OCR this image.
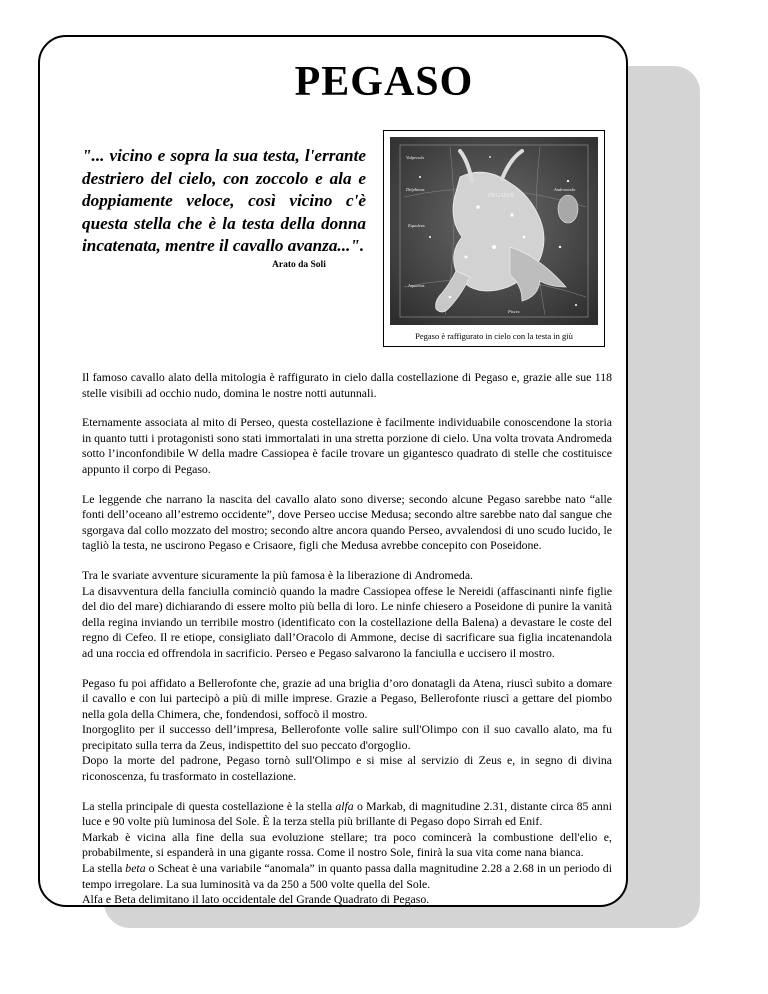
PEGASO

"... vicino e sopra la sua testa, l'errante destriero del cielo, con zoccolo e ala e doppiamente veloce, così vicino c'è questa stella che è la testa della donna incatenata, mentre il cavallo avanza...".

Arato da Soli
PEGASUS
Vulpecula
Delphinus	Andromeda
Equuleus
Aquarius
Pisces
Pegaso è raffigurato in cielo con la testa in giù

Il famoso cavallo alato della mitologia è raffigurato in cielo dalla costellazione di Pegaso e, grazie alle sue 118 stelle visibili ad occhio nudo, domina le nostre notti autunnali.

Eternamente associata al mito di Perseo, questa costellazione è facilmente individuabile conoscendone la storia in quanto tutti i protagonisti sono stati immortalati in una stretta porzione di cielo. Una volta trovata Andromeda sotto l’inconfondibile W della madre Cassiopea è facile trovare un gigantesco quadrato di stelle che costituisce appunto il corpo di Pegaso.

Le leggende che narrano la nascita del cavallo alato sono diverse; secondo alcune Pegaso sarebbe nato “alle fonti dell’oceano all’estremo occidente”, dove Perseo uccise Medusa; secondo altre sarebbe nato dal sangue che sgorgava dal collo mozzato del mostro; secondo altre ancora quando Perseo, avvalendosi di uno scudo lucido, le tagliò la testa, ne uscirono Pegaso e Crisaore, figli che Medusa avrebbe concepito con Poseidone.

Tra le svariate avventure sicuramente la più famosa è la liberazione di Andromeda.
La disavventura della fanciulla cominciò quando la madre Cassiopea offese le Nereidi (affascinanti ninfe figlie del dio del mare) dichiarando di essere molto più bella di loro. Le ninfe chiesero a Poseidone di punire la vanità della regina inviando un terribile mostro (identificato con la costellazione della Balena) a devastare le coste del regno di Cefeo. Il re etiope, consigliato dall’Oracolo di Ammone, decise di sacrificare sua figlia incatenandola ad una roccia ed offrendola in sacrificio. Perseo e Pegaso salvarono la fanciulla e uccisero il mostro.

Pegaso fu poi affidato a Bellerofonte che, grazie ad una briglia d’oro donatagli da Atena, riuscì subito a domare il cavallo e con lui partecipò a più di mille imprese. Grazie a Pegaso, Bellerofonte riuscì a gettare del piombo nella gola della Chimera, che, fondendosi, soffocò il mostro.
Inorgoglito per il successo dell’impresa, Bellerofonte volle salire sull'Olimpo con il suo cavallo alato, ma fu precipitato sulla terra da Zeus, indispettito del suo peccato d'orgoglio.
Dopo la morte del padrone, Pegaso tornò sull'Olimpo e si mise al servizio di Zeus e, in segno di divina riconoscenza, fu trasformato in costellazione.

La stella principale di questa costellazione è la stella alfa o Markab, di magnitudine 2.31, distante circa 85 anni luce e 90 volte più luminosa del Sole. È la terza stella più brillante di Pegaso dopo Sirrah ed Enif.
Markab è vicina alla fine della sua evoluzione stellare; tra poco comincerà la combustione dell'elio e, probabilmente, si espanderà in una gigante rossa. Come il nostro Sole, finirà la sua vita come nana bianca.
La stella beta o Scheat è una variabile “anomala” in quanto passa dalla magnitudine 2.28 a 2.68 in un periodo di tempo irregolare. La sua luminosità va da 250 a 500 volte quella del Sole.
Alfa e Beta delimitano il lato occidentale del Grande Quadrato di Pegaso.
